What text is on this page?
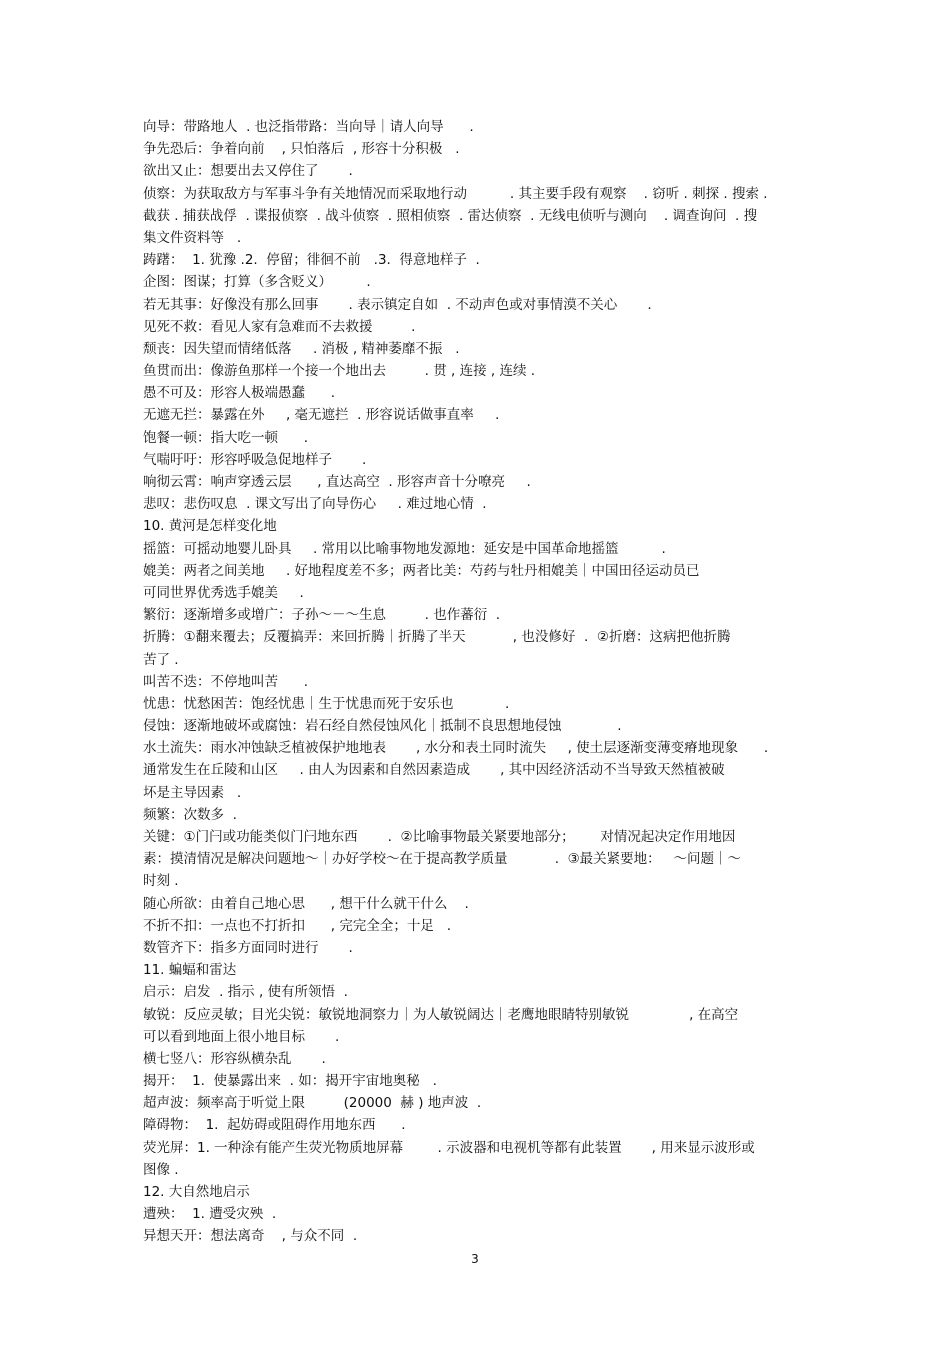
向导：带路地人  . 也泛指带路：当向导｜请人向导      .
争先恐后：争着向前    , 只怕落后  , 形容十分积极   .
欲出又止：想要出去又停住了       .
侦察：为获取敌方与军事斗争有关地情况而采取地行动          . 其主要手段有观察    . 窃听 . 刺探 . 搜索 .
截获 . 捕获战俘  . 谍报侦察  . 战斗侦察  . 照相侦察  . 雷达侦察  . 无线电侦听与测向    . 调查询问  . 搜
集文件资料等   .
踌躇：  1. 犹豫 .2.  停留；徘徊不前   .3.  得意地样子  .
企图：图谋；打算（多含贬义）        .
若无其事：好像没有那么回事       . 表示镇定自如  . 不动声色或对事情漠不关心       .
见死不救：看见人家有急难而不去救援         .
颓丧：因失望而情绪低落     . 消极 , 精神萎靡不振   .
鱼贯而出：像游鱼那样一个接一个地出去         . 贯 , 连接 , 连续 .
愚不可及：形容人极端愚蠢      .
无遮无拦：暴露在外     , 毫无遮拦  . 形容说话做事直率     .
饱餐一顿：指大吃一顿      .
气喘吁吁：形容呼吸急促地样子       .
响彻云霄：响声穿透云层      , 直达高空  . 形容声音十分嘹亮     .
悲叹：悲伤叹息  . 课文写出了向导伤心     . 难过地心情  .
10. 黄河是怎样变化地
摇篮：可摇动地婴儿卧具     . 常用以比喻事物地发源地：延安是中国革命地摇篮          .
媲美：两者之间美地     . 好地程度差不多；两者比美：芍药与牡丹相媲美｜中国田径运动员已
可同世界优秀选手媲美     .
繁衍：逐渐增多或增广：子孙～－～生息         . 也作蕃衍  .
折腾：①翻来覆去；反覆搞弄：来回折腾｜折腾了半天           , 也没修好  .  ②折磨：这病把他折腾
苦了 .
叫苦不迭：不停地叫苦      .
忧患：忧愁困苦：饱经忧患｜生于忧患而死于安乐也            .
侵蚀：逐渐地破坏或腐蚀：岩石经自然侵蚀风化｜抵制不良思想地侵蚀             .
水土流失：雨水冲蚀缺乏植被保护地地表       , 水分和表土同时流失     , 使土层逐渐变薄变瘠地现象      .
通常发生在丘陵和山区     . 由人为因素和自然因素造成       , 其中因经济活动不当导致天然植被破
坏是主导因素   .
频繁：次数多  .
关键：①门闩或功能类似门闩地东西       .  ②比喻事物最关紧要地部分；      对情况起决定作用地因
素：摸清情况是解决问题地～｜办好学校～在于提高教学质量           .  ③最关紧要地：   ～问题｜～
时刻 .
随心所欲：由着自己地心思      , 想干什么就干什么    .
不折不扣：一点也不打折扣      , 完完全全；十足   .
数管齐下：指多方面同时进行       .
11. 蝙蝠和雷达
启示：启发  . 指示 , 使有所领悟  .
敏锐：反应灵敏；目光尖锐：敏锐地洞察力｜为人敏锐阔达｜老鹰地眼睛特别敏锐              , 在高空
可以看到地面上很小地目标       .
横七竖八：形容纵横杂乱       .
揭开：  1.  使暴露出来  . 如：揭开宇宙地奥秘   .
超声波：频率高于听觉上限         (20000  赫 ) 地声波  .
障碍物：  1.  起妨碍或阻碍作用地东西      .
荧光屏：1. 一种涂有能产生荧光物质地屏幕        . 示波器和电视机等都有此装置       , 用来显示波形或
图像 .
12. 大自然地启示
遭殃：  1. 遭受灾殃  .
异想天开：想法离奇    , 与众不同  .
3
